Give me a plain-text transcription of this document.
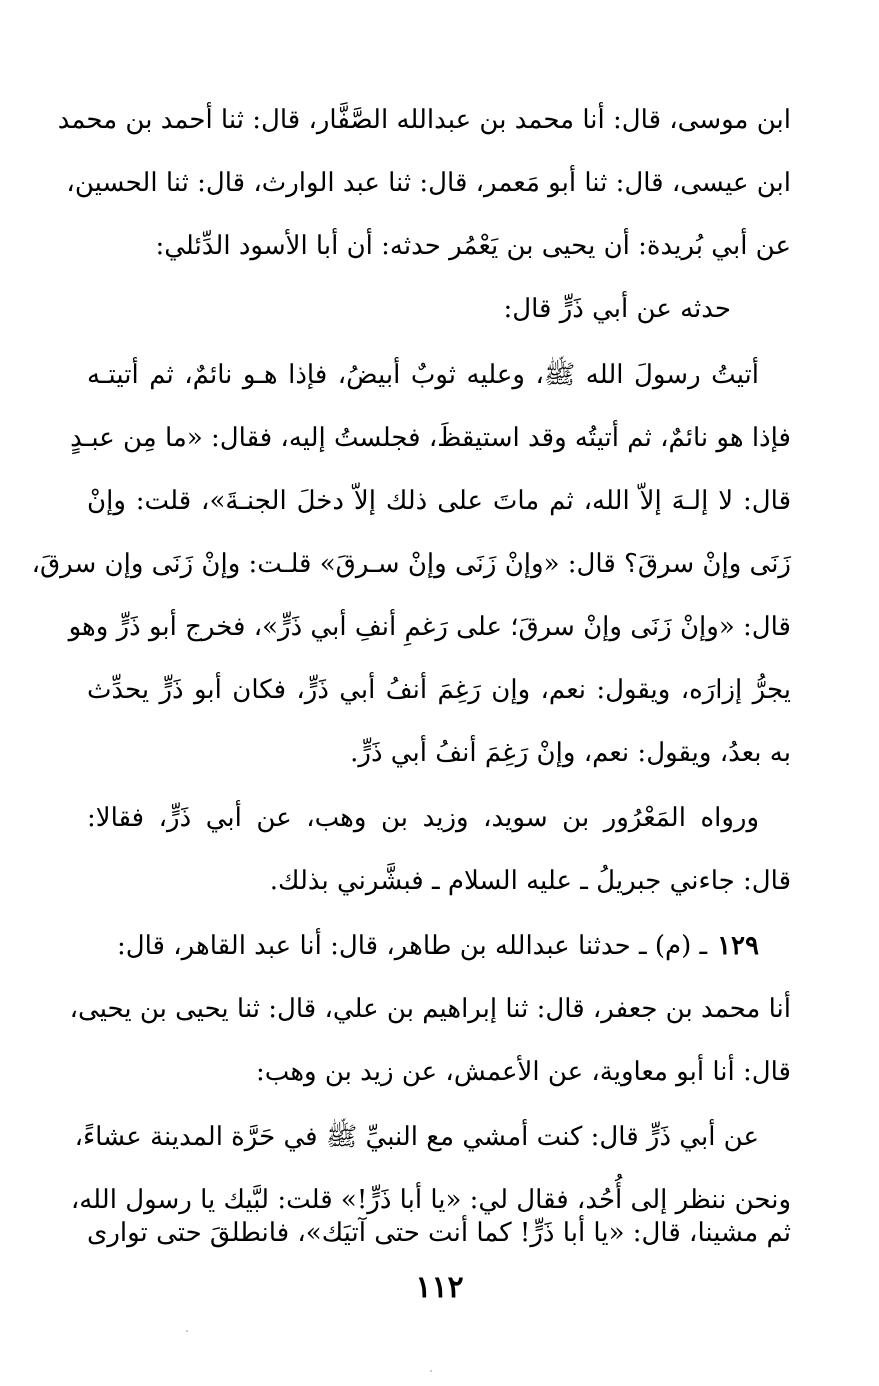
ابن موسى، قال: أنا محمد بن عبدالله الصَّفَّار، قال: ثنا أحمد بن محمد
ابن عيسى، قال: ثنا أبو مَعمر، قال: ثنا عبد الوارث، قال: ثنا الحسين،
عن أبي بُريدة: أن يحيى بن يَعْمُر حدثه: أن أبا الأسود الدِّئلي:
حدثه عن أبي ذَرٍّ قال:
أتيتُ رسولَ الله ﷺ، وعليه ثوبٌ أبيضُ، فإذا هـو نائمٌ، ثم أتيتـه
فإذا هو نائمٌ، ثم أتيتُه وقد استيقظَ، فجلستُ إليه، فقال: «ما مِن عبـدٍ
قال: لا إلـهَ إلاّ الله، ثم ماتَ على ذلك إلاّ دخلَ الجنـةَ»، قلت: وإنْ
زَنَى وإنْ سرقَ؟ قال: «وإنْ زَنَى وإنْ سـرقَ» قلـت: وإنْ زَنَى وإن سرقَ،
قال: «وإنْ زَنَى وإنْ سرقَ؛ على رَغمِ أنفِ أبي ذَرٍّ»، فخرج أبو ذَرٍّ وهو
يجرُّ إزارَه، ويقول: نعم، وإن رَغِمَ أنفُ أبي ذَرٍّ، فكان أبو ذَرٍّ يحدِّث
به بعدُ، ويقول: نعم، وإنْ رَغِمَ أنفُ أبي ذَرٍّ.
ورواه المَعْرُور بن سويد، وزيد بن وهب، عن أبي ذَرٍّ، فقالا:
قال: جاءني جبريلُ ـ عليه السلام ـ فبشَّرني بذلك.
١٢٩
ـ (م) ـ حدثنا عبدالله بن طاهر، قال: أنا عبد القاهر، قال:
أنا محمد بن جعفر، قال: ثنا إبراهيم بن علي، قال: ثنا يحيى بن يحيى،
قال: أنا أبو معاوية، عن الأعمش، عن زيد بن وهب:
عن أبي ذَرٍّ قال: كنت أمشي مع النبيِّ ﷺ في حَرَّة المدينة عشاءً،
ونحن ننظر إلى أُحُد، فقال لي: «يا أبا ذَرٍّ!» قلت: لبَّيك يا رسول الله،
ثم مشينا، قال: «يا أبا ذَرٍّ! كما أنت حتى آتيَك»، فانطلقَ حتى توارى
١١٢
